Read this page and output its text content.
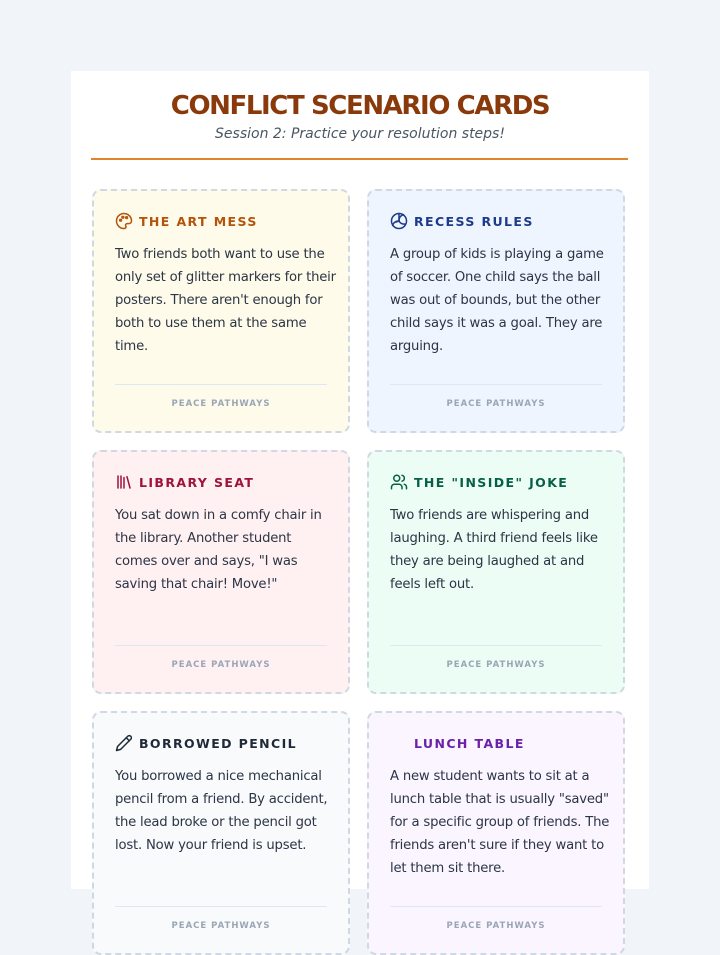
CONFLICT SCENARIO CARDS

Session 2: Practice your resolution steps!

THE ART MESS

Two friends both want to use the only set of glitter markers for their posters. There aren't enough for both to use them at the same time.

PEACE PATHWAYS
RECESS RULES

A group of kids is playing a game of soccer. One child says the ball was out of bounds, but the other child says it was a goal. They are arguing.

PEACE PATHWAYS
LIBRARY SEAT

You sat down in a comfy chair in the library. Another student comes over and says, "I was saving that chair! Move!"

PEACE PATHWAYS
THE "INSIDE" JOKE

Two friends are whispering and laughing. A third friend feels like they are being laughed at and feels left out.

PEACE PATHWAYS
BORROWED PENCIL

You borrowed a nice mechanical pencil from a friend. By accident, the lead broke or the pencil got lost. Now your friend is upset.

PEACE PATHWAYS
LUNCH TABLE

A new student wants to sit at a lunch table that is usually "saved" for a specific group of friends. The friends aren't sure if they want to let them sit there.

PEACE PATHWAYS
